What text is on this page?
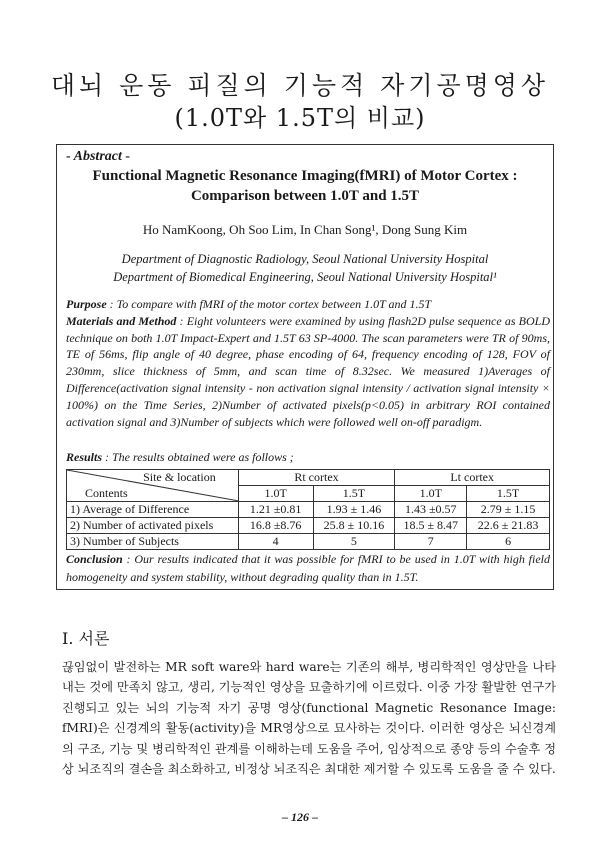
대뇌 운동 피질의 기능적 자기공명영상
(1.0T와 1.5T의 비교)
- Abstract -
Functional Magnetic Resonance Imaging(fMRI) of Motor Cortex :
Comparison between 1.0T and 1.5T
Ho NamKoong, Oh Soo Lim, In Chan Song¹, Dong Sung Kim
Department of Diagnostic Radiology, Seoul National University Hospital
Department of Biomedical Engineering, Seoul National University Hospital¹
Purpose : To compare with fMRI of the motor cortex between 1.0T and 1.5T
Materials and Method : Eight volunteers were examined by using flash2D pulse sequence as BOLD technique on both 1.0T Impact-Expert and 1.5T 63 SP-4000. The scan parameters were TR of 90ms, TE of 56ms, flip angle of 40 degree, phase encoding of 64, frequency encoding of 128, FOV of 230mm, slice thickness of 5mm, and scan time of 8.32sec. We measured 1)Averages of Difference(activation signal intensity - non activation signal intensity / activation signal intensity × 100%) on the Time Series, 2)Number of activated pixels(p<0.05) in arbitrary ROI contained activation signal and 3)Number of subjects which were followed well on-off paradigm.
Results : The results obtained were as follows ;
Site & location
Contents	Rt cortex		Lt cortex	
	1.0T	1.5T	1.0T	1.5T
1) Average of Difference	1.21 ±0.81	1.93 ± 1.46	1.43 ±0.57	2.79 ± 1.15
2) Number of activated pixels	16.8 ±8.76	25.8 ± 10.16	18.5 ± 8.47	22.6 ± 21.83
3) Number of Subjects	4	5	7	6
Conclusion : Our results indicated that it was possible for fMRI to be used in 1.0T with high field homogeneity and system stability, without degrading quality than in 1.5T.
I. 서론
끊임없이 발전하는 MR soft ware와 hard ware는 기존의 해부, 병리학적인 영상만을 나타내는 것에 만족치 않고, 생리, 기능적인 영상을 묘출하기에 이르렀다. 이중 가장 활발한 연구가 진행되고 있는 뇌의 기능적 자기 공명 영상(functional Magnetic Resonance Image: fMRI)은 신경계의 활동(activity)을 MR영상으로 묘사하는 것이다. 이러한 영상은 뇌신경계의 구조, 기능 및 병리학적인 관계를 이해하는데 도움을 주어, 임상적으로 종양 등의 수술후 정상 뇌조직의 결손을 최소화하고, 비정상 뇌조직은 최대한 제거할 수 있도록 도움을 줄 수 있다.
– 126 –
